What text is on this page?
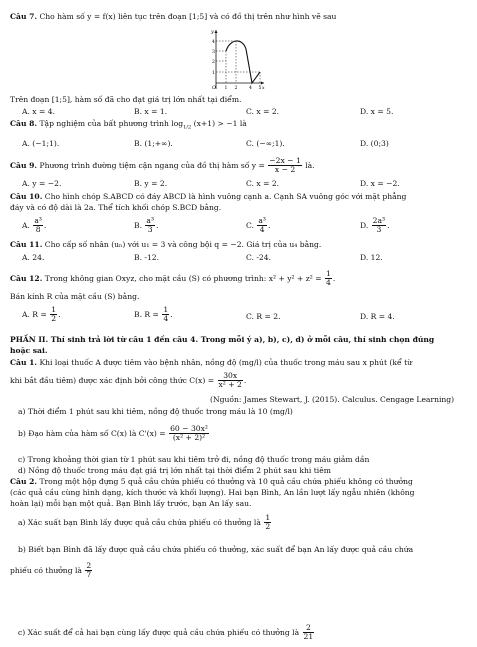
Câu 7. Cho hàm số y = f(x) liên tục trên đoạn [1;5] và có đồ thị trên như hình vẽ sau
y
4
3
2
1
O 1 2	4 5 x
Trên đoạn [1;5], hàm số đã cho đạt giá trị lớn nhất tại điểm.
A. x = 4.	B. x = 1.	C. x = 2.	D. x = 5.
Câu 8. Tập nghiệm của bất phương trình $\log_{1/2} (x+1) > -1$ là
A. (−1;1).	B. (1;+∞).	C. (−∞;1).	D. (0;3)
Câu 9. Phương trình đường tiệm cận ngang của đồ thị hàm số $y = \frac{-2x - 1}{x - 2}$ là.
A. y = −2.	B. y = 2.	C. x = 2.	D. x = −2.
Câu 10. Cho hình chóp S.ABCD có đáy ABCD là hình vuông cạnh a. Cạnh SA vuông góc với mặt phẳng
đáy và có độ dài là 2a. Thể tích khối chóp S.BCD bằng.
A. $\frac{\text{a³}}{8}$ .	B. $\frac{\text{a³}}{3}$ .	C. $\frac{\text{a³}}{4}$ .	D. $\frac{\text{2a³}}{3}$ .
Câu 11. Cho cấp số nhân (uₙ) với u₁ = 3 và công bội q = −2. Giá trị của u₄ bằng.
A. 24.	B. -12.	C. -24.	D. 12.
Câu 12. Trong không gian Oxyz, cho mặt cầu (S) có phương trình: $x^2 + y^2 + z^2 = \frac{1}{4}$ .
Bán kính R của mặt cầu (S) bằng.
A. $R = \frac{1}{2}$ .	B. $R = \frac{1}{4}$ .	C. R = 2.	D. R = 4.
PHẦN II. Thí sinh trả lời từ câu 1 đến câu 4. Trong mỗi ý a), b), c), d) ở mỗi câu, thí sinh chọn đúng
hoặc sai.
Câu 1. Khi loại thuốc A được tiêm vào bệnh nhân, nồng độ (mg/l) của thuốc trong máu sau x phút (kể từ
khi bắt đầu tiêm) được xác định bởi công thức $C(x) = \frac{30x}{\text{x² + 2}}$ .
(Nguồn: James Stewart, J. (2015). Calculus. Cengage Learning)
a) Thời điểm 1 phút sau khi tiêm, nồng độ thuốc trong máu là 10 (mg/l)
b) Đạo hàm của hàm số C(x) là $C'(x) = \frac{\text{60 − 30x²}}{\text{(x² + 2)²}}$
c) Trong khoảng thời gian từ 1 phút sau khi tiêm trở đi, nồng độ thuốc trong máu giảm dần
d) Nồng độ thuốc trong máu đạt giá trị lớn nhất tại thời điểm 2 phút sau khi tiêm
Câu 2. Trong một hộp đựng 5 quả cầu chứa phiếu có thưởng và 10 quả cầu chứa phiếu không có thưởng
(các quả cầu cùng hình dạng, kích thước và khối lượng). Hai bạn Bình, An lần lượt lấy ngẫu nhiên (không
hoàn lại) mỗi bạn một quả. Bạn Bình lấy trước, bạn An lấy sau.
a) Xác suất bạn Bình lấy được quả cầu chứa phiếu có thưởng là $\frac{1}{2}$
b) Biết bạn Bình đã lấy được quả cầu chứa phiếu có thưởng, xác suất để bạn An lấy được quả cầu chứa
phiếu có thưởng là $\frac{2}{7}$
c) Xác suất để cả hai bạn cùng lấy được quả cầu chứa phiếu có thưởng là $\frac{2}{21}$
